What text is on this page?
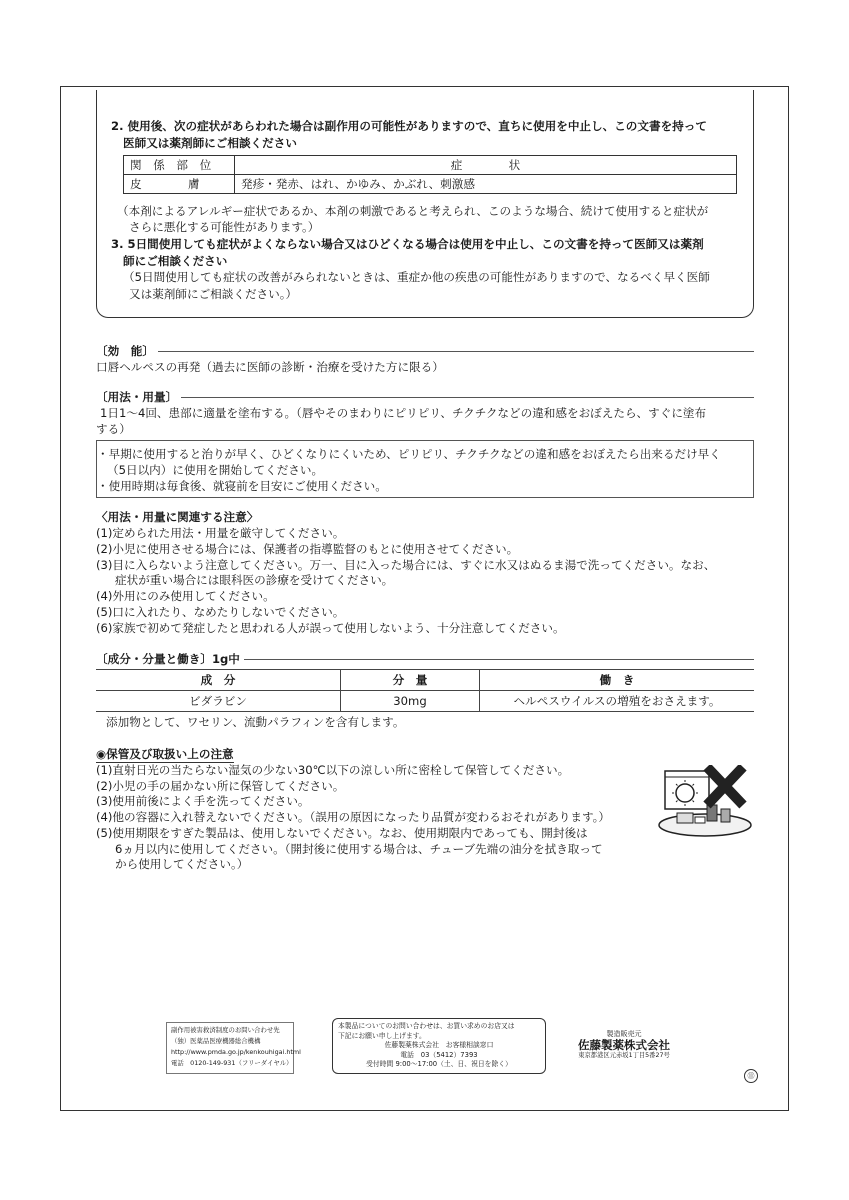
2. 使用後、次の症状があらわれた場合は副作用の可能性がありますので、直ちに使用を中止し、この文書を持って
医師又は薬剤師にご相談ください
関　係　部　位	症　　　　状
皮　　　　膚	発疹・発赤、はれ、かゆみ、かぶれ、刺激感
（本剤によるアレルギー症状であるか、本剤の刺激であると考えられ、このような場合、続けて使用すると症状が
さらに悪化する可能性があります。）
3. 5日間使用しても症状がよくならない場合又はひどくなる場合は使用を中止し、この文書を持って医師又は薬剤
師にご相談ください
（5日間使用しても症状の改善がみられないときは、重症か他の疾患の可能性がありますので、なるべく早く医師
又は薬剤師にご相談ください。）
〔効　能〕
口唇ヘルペスの再発（過去に医師の診断・治療を受けた方に限る）
〔用法・用量〕
1日1～4回、患部に適量を塗布する。（唇やそのまわりにピリピリ、チクチクなどの違和感をおぼえたら、すぐに塗布
する）
・早期に使用すると治りが早く、ひどくなりにくいため、ピリピリ、チクチクなどの違和感をおぼえたら出来るだけ早く
（5日以内）に使用を開始してください。
・使用時期は毎食後、就寝前を目安にご使用ください。
〈用法・用量に関連する注意〉
(1)定められた用法・用量を厳守してください。
(2)小児に使用させる場合には、保護者の指導監督のもとに使用させてください。
(3)目に入らないよう注意してください。万一、目に入った場合には、すぐに水又はぬるま湯で洗ってください。なお、
症状が重い場合には眼科医の診療を受けてください。
(4)外用にのみ使用してください。
(5)口に入れたり、なめたりしないでください。
(6)家族で初めて発症したと思われる人が誤って使用しないよう、十分注意してください。
〔成分・分量と働き〕1g中
成　分	分　量	働　き
ビダラビン	30mg	ヘルペスウイルスの増殖をおさえます。
添加物として、ワセリン、流動パラフィンを含有します。
◉保管及び取扱い上の注意
(1)直射日光の当たらない湿気の少ない30℃以下の涼しい所に密栓して保管してください。
(2)小児の手の届かない所に保管してください。
(3)使用前後によく手を洗ってください。
(4)他の容器に入れ替えないでください。（誤用の原因になったり品質が変わるおそれがあります。）
(5)使用期限をすぎた製品は、使用しないでください。なお、使用期限内であっても、開封後は
6ヵ月以内に使用してください。（開封後に使用する場合は、チューブ先端の油分を拭き取って
から使用してください。）
副作用被害救済制度のお問い合わせ先
（独）医薬品医療機器総合機構
http://www.pmda.go.jp/kenkouhigai.html
電話　0120-149-931（フリーダイヤル）
本製品についてのお問い合わせは、お買い求めのお店又は
下記にお願い申し上げます。
佐藤製薬株式会社　お客様相談窓口
電話　03（5412）7393
受付時間 9:00～17:00（土、日、祝日を除く）
製造販売元
佐藤製薬株式会社
東京都港区元赤坂1丁目5番27号
⑪
